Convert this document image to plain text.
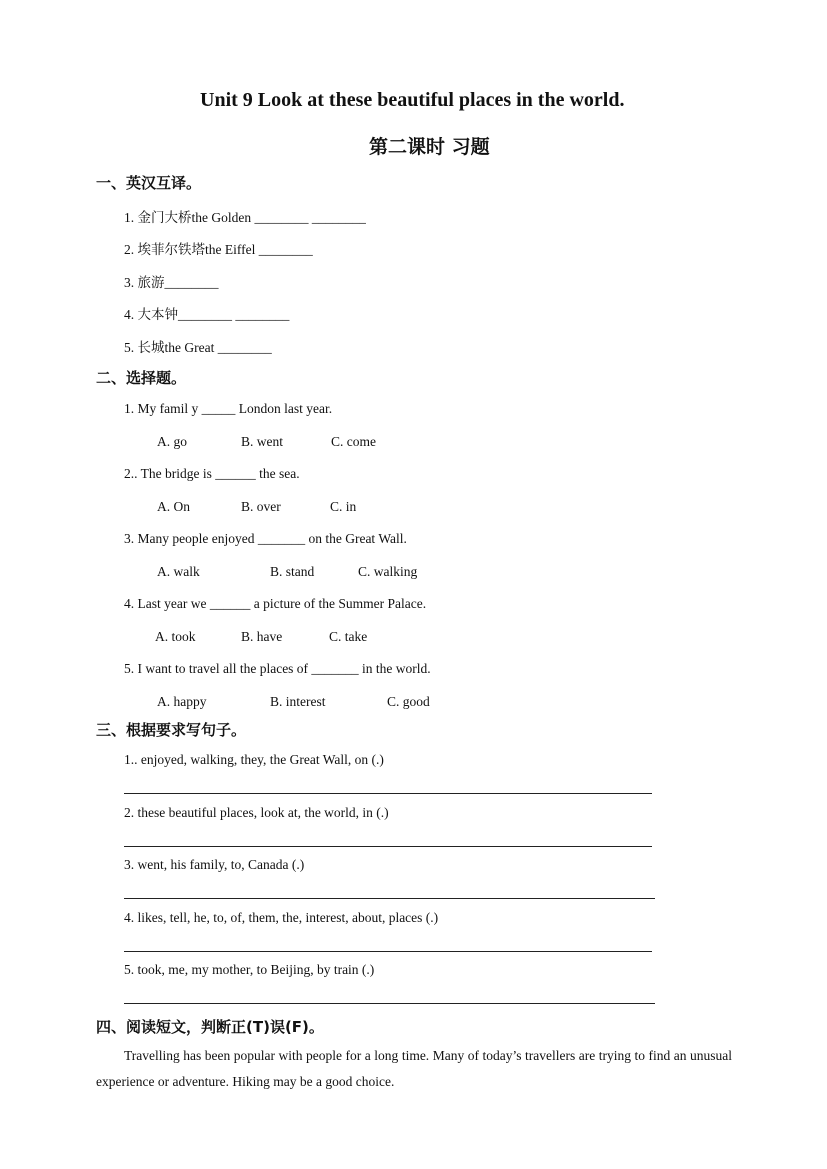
Unit 9 Look at these beautiful places in the world.
第二课时 习题
一、英汉互译。
1. 金门大桥the Golden ________ ________
2. 埃菲尔铁塔the Eiffel ________
3. 旅游________
4. 大本钟________ ________
5. 长城the Great ________
二、选择题。
1. My famil y _____ London last year.
A. go	B. went	C. come
2.. The bridge is ______ the sea.
A. On	B. over	C. in
3. Many people enjoyed _______ on the Great Wall.
A. walk	B. stand	C. walking
4. Last year we ______ a picture of the Summer Palace.
A. took	B. have	C. take
5. I want to travel all the places of _______ in the world.
A. happy	B. interest	C. good
三、根据要求写句子。
1.. enjoyed, walking, they, the Great Wall, on (.)
2. these beautiful places, look at, the world, in (.)
3. went, his family, to, Canada (.)
4. likes, tell, he, to, of, them, the, interest, about, places (.)
5. took, me, my mother, to Beijing, by train (.)
四、阅读短文，判断正(T)误(F)。
Travelling has been popular with people for a long time. Many of today’s travellers are trying to find an unusual experience or adventure. Hiking may be a good choice.
